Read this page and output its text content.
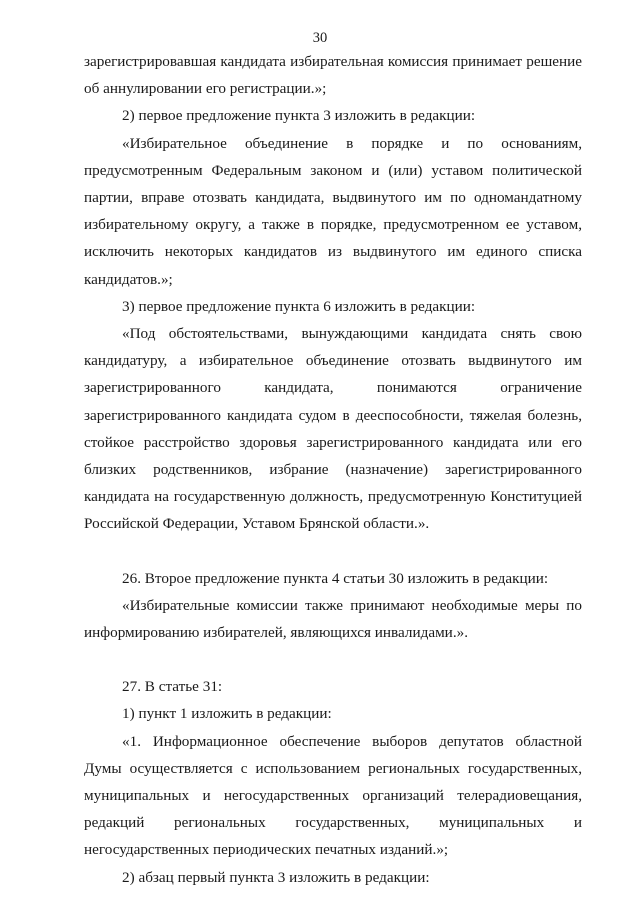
30

зарегистрировавшая кандидата избирательная комиссия принимает решение об аннулировании его регистрации.»;

2) первое предложение пункта 3 изложить в редакции:

«Избирательное объединение в порядке и по основаниям, предусмотренным Федеральным законом и (или) уставом политической партии, вправе отозвать кандидата, выдвинутого им по одномандатному избирательному округу, а также в порядке, предусмотренном ее уставом, исключить некоторых кандидатов из выдвинутого им единого списка кандидатов.»;

3) первое предложение пункта 6 изложить в редакции:

«Под обстоятельствами, вынуждающими кандидата снять свою кандидатуру, а избирательное объединение отозвать выдвинутого им зарегистрированного кандидата, понимаются ограничение зарегистрированного кандидата судом в дееспособности, тяжелая болезнь, стойкое расстройство здоровья зарегистрированного кандидата или его близких родственников, избрание (назначение) зарегистрированного кандидата на государственную должность, предусмотренную Конституцией Российской Федерации, Уставом Брянской области.».

26. Второе предложение пункта 4 статьи 30 изложить в редакции:

«Избирательные комиссии также принимают необходимые меры по информированию избирателей, являющихся инвалидами.».

27. В статье 31:

1) пункт 1 изложить в редакции:

«1. Информационное обеспечение выборов депутатов областной Думы осуществляется с использованием региональных государственных, муниципальных и негосударственных организаций телерадиовещания, редакций региональных государственных, муниципальных и негосударственных периодических печатных изданий.»;

2) абзац первый пункта 3 изложить в редакции:
